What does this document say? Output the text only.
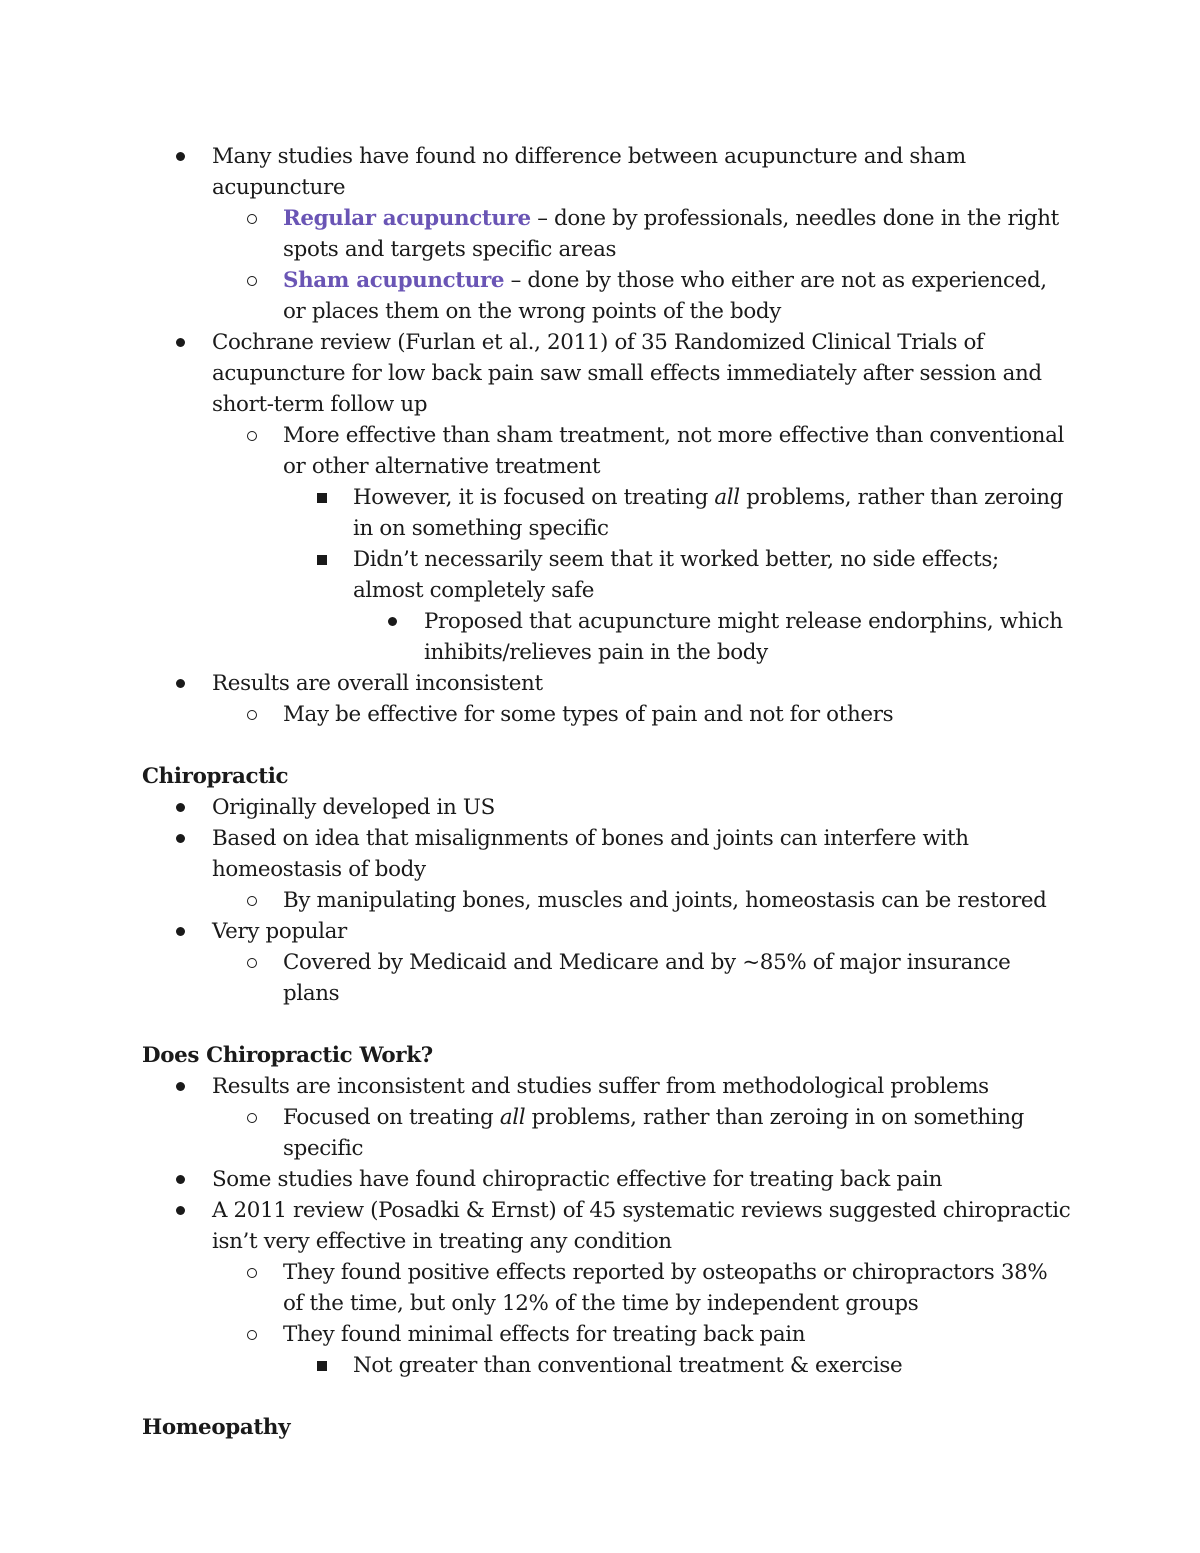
Many studies have found no difference between acupuncture and sham acupuncture
Regular acupuncture – done by professionals, needles done in the right spots and targets specific areas
Sham acupuncture – done by those who either are not as experienced, or places them on the wrong points of the body
Cochrane review (Furlan et al., 2011) of 35 Randomized Clinical Trials of acupuncture for low back pain saw small effects immediately after session and short-term follow up
More effective than sham treatment, not more effective than conventional or other alternative treatment
However, it is focused on treating all problems, rather than zeroing in on something specific
Didn’t necessarily seem that it worked better, no side effects; almost completely safe
Proposed that acupuncture might release endorphins, which inhibits/relieves pain in the body
Results are overall inconsistent
May be effective for some types of pain and not for others
Chiropractic
Originally developed in US
Based on idea that misalignments of bones and joints can interfere with homeostasis of body
By manipulating bones, muscles and joints, homeostasis can be restored
Very popular
Covered by Medicaid and Medicare and by ~85% of major insurance plans
Does Chiropractic Work?
Results are inconsistent and studies suffer from methodological problems
Focused on treating all problems, rather than zeroing in on something specific
Some studies have found chiropractic effective for treating back pain
A 2011 review (Posadki & Ernst) of 45 systematic reviews suggested chiropractic isn’t very effective in treating any condition
They found positive effects reported by osteopaths or chiropractors 38% of the time, but only 12% of the time by independent groups
They found minimal effects for treating back pain
Not greater than conventional treatment & exercise
Homeopathy
